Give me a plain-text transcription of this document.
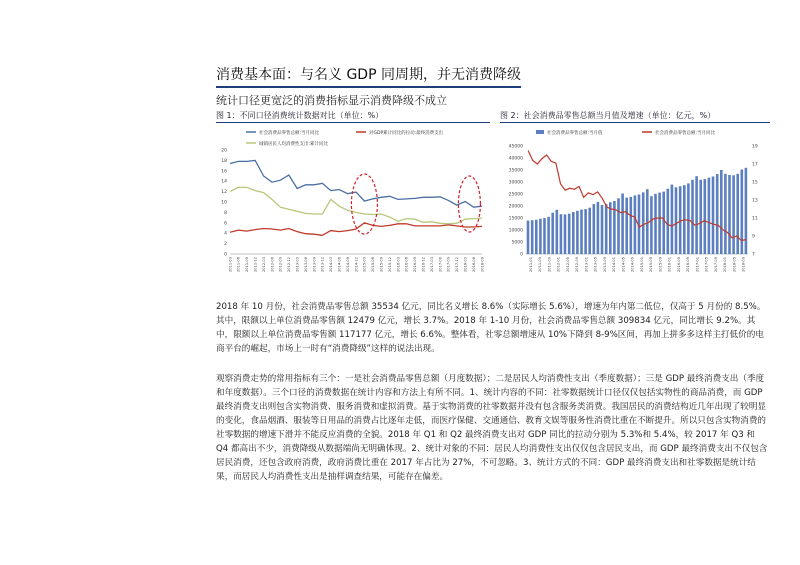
消费基本面：与名义 GDP 同周期，并无消费降级
统计口径更宽泛的消费指标显示消费降级不成立
图 1：不同口径消费统计数据对比（单位：%）	图 2：社会消费品零售总额当月值及增速（单位：亿元，%）
社会消费品零售总额:当月同比	对GDP累计同比的拉动:最终消费支出
城镇居民人均消费性支出:累计同比
0
2
4
6
8
10
12
14
16
18
20
2011-03 2011-06 2011-09 2011-12 2012-03 2012-06 2012-09 2012-12 2013-03 2013-06 2013-09 2013-12 2014-03 2014-06 2014-09 2014-12 2015-03 2015-06 2015-09 2015-12 2016-03 2016-06 2016-09 2016-12 2017-03 2017-06 2017-09 2017-12 2018-03 2018-06 2018-09
社会消费品零售总额:当月值	社会消费品零售总额:当月同比
0
5000
10000
15000
20000
25000
30000
35000
40000
45000
7
9
11
13
15
17
19
2011-01 2011-05 2011-09 2012-01 2012-05 2012-09 2013-01 2013-05 2013-09 2014-01 2014-05 2014-09 2015-01 2015-05 2015-09 2016-01 2016-05 2016-09 2017-01 2017-05 2017-09 2018-01 2018-05 2018-09
2018 年 10 月份，社会消费品零售总额 35534 亿元，同比名义增长 8.6%（实际增长 5.6%），增速为年内第二低位，仅高于 5 月份的 8.5%。其中，限额以上单位消费品零售额 12479 亿元，增长 3.7%。2018 年 1-10 月份，社会消费品零售总额 309834 亿元，同比增长 9.2%。其中，限额以上单位消费品零售额 117177 亿元，增长 6.6%。整体看，社零总额增速从 10%下降到 8-9%区间，再加上拼多多这样主打低价的电商平台的崛起，市场上一时有“消费降级”这样的说法出现。
观察消费走势的常用指标有三个：一是社会消费品零售总额（月度数据）；二是居民人均消费性支出（季度数据）；三是 GDP 最终消费支出（季度和年度数据）。三个口径的消费数据在统计内容和方法上有所不同。1、统计内容的不同：社零数据统计口径仅仅包括实物性的商品消费，而 GDP 最终消费支出则包含实物消费、服务消费和虚拟消费。基于实物消费的社零数据并没有包含服务类消费。我国居民的消费结构近几年出现了较明显的变化，食品烟酒、服装等日用品的消费占比逐年走低，而医疗保健、交通通信、教育文娱等服务性消费比重在不断提升。所以只包含实物消费的社零数据的增速下滑并不能反应消费的全貌。2018 年 Q1 和 Q2 最终消费支出对 GDP 同比的拉动分别为 5.3%和 5.4%，较 2017 年 Q3 和 Q4 都高出不少，消费降级从数据端尚无明确体现。2、统计对象的不同：居民人均消费性支出仅仅包含居民支出，而 GDP 最终消费支出不仅包含居民消费，还包含政府消费，政府消费比重在 2017 年占比为 27%，不可忽略。3、统计方式的不同：GDP 最终消费支出和社零数据是统计结果，而居民人均消费性支出是抽样调查结果，可能存在偏差。
